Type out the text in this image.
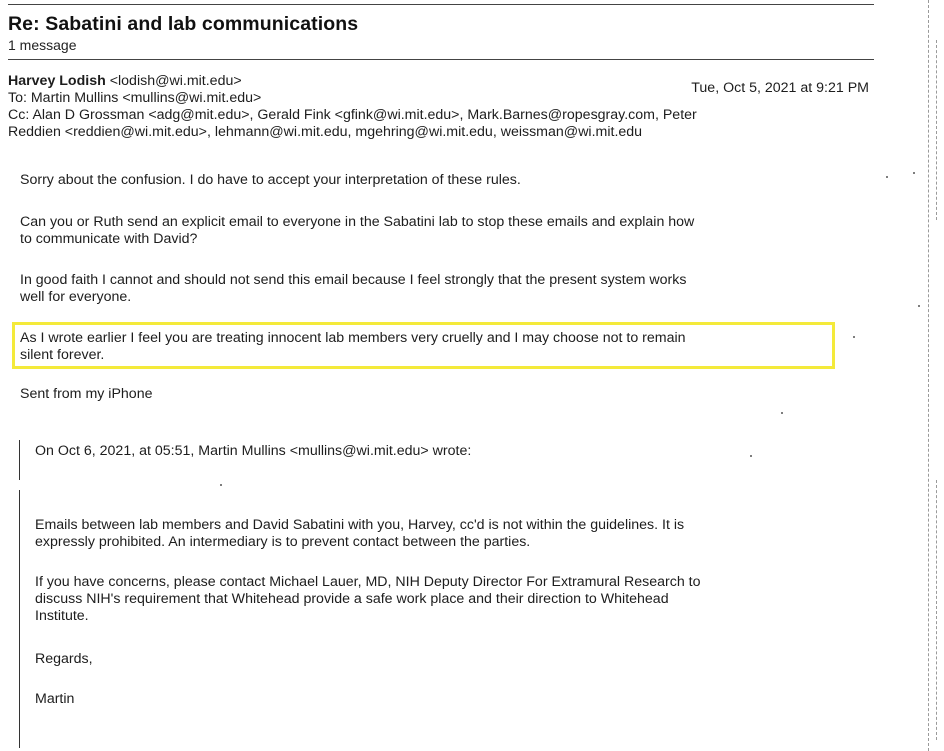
Re: Sabatini and lab communications
1 message
Harvey Lodish <lodish@wi.mit.edu>	Tue, Oct 5, 2021 at 9:21 PM
To: Martin Mullins <mullins@wi.mit.edu>
Cc: Alan D Grossman <adg@mit.edu>, Gerald Fink <gfink@wi.mit.edu>, Mark.Barnes@ropesgray.com, Peter
Reddien <reddien@wi.mit.edu>, lehmann@wi.mit.edu, mgehring@wi.mit.edu, weissman@wi.mit.edu
Sorry about the confusion. I do have to accept your interpretation of these rules.
Can you or Ruth send an explicit email to everyone in the Sabatini lab to stop these emails and explain how
to communicate with David?
In good faith I cannot and should not send this email because I feel strongly that the present system works
well for everyone.
As I wrote earlier I feel you are treating innocent lab members very cruelly and I may choose not to remain
silent forever.
Sent from my iPhone
On Oct 6, 2021, at 05:51, Martin Mullins <mullins@wi.mit.edu> wrote:
Emails between lab members and David Sabatini with you, Harvey, cc'd is not within the guidelines. It is
expressly prohibited. An intermediary is to prevent contact between the parties.
If you have concerns, please contact Michael Lauer, MD, NIH Deputy Director For Extramural Research to
discuss NIH's requirement that Whitehead provide a safe work place and their direction to Whitehead
Institute.
Regards,
Martin
